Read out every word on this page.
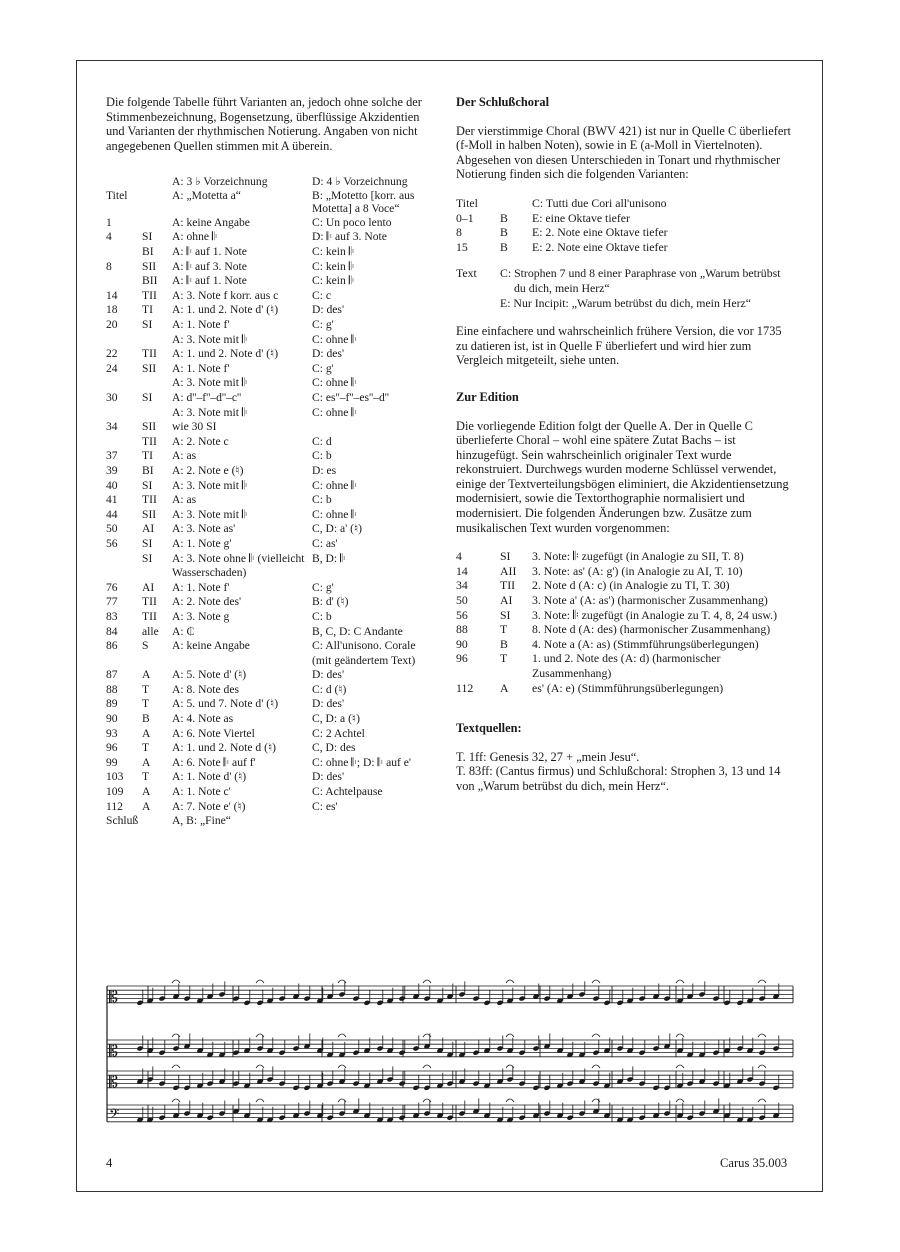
Die folgende Tabelle führt Varianten an, jedoch ohne solche der Stimmenbezeichnung, Bogensetzung, überflüssige Akzidentien und Varianten der rhythmischen Notierung. Angaben von nicht angegebenen Quellen stimmen mit A überein.

		A: 3 ♭ Vorzeichnung	D: 4 ♭ Vorzeichnung
Titel		A: „Motetta a“	B: „Motetto [korr. aus Motetta] a 8 Voce“
1		A: keine Angabe	C: Un poco lento
4	SI	A: ohne 𝄆	D: 𝄆 auf 3. Note
	BI	A: 𝄆 auf 1. Note	C: kein 𝄆
8	SII	A: 𝄆 auf 3. Note	C: kein 𝄆
	BII	A: 𝄆 auf 1. Note	C: kein 𝄆
14	TII	A: 3. Note f korr. aus c	C: c
18	TI	A: 1. und 2. Note d' (♮)	D: des'
20	SI	A: 1. Note f'	C: g'
		A: 3. Note mit 𝄆	C: ohne 𝄆
22	TII	A: 1. und 2. Note d' (♮)	D: des'
24	SII	A: 1. Note f'	C: g'
		A: 3. Note mit 𝄆	C: ohne 𝄆
30	SI	A: d''–f''–d''–c''	C: es''–f''–es''–d''
		A: 3. Note mit 𝄆	C: ohne 𝄆
34	SII	wie 30 SI	
	TII	A: 2. Note c	C: d
37	TI	A: as	C: b
39	BI	A: 2. Note e (♮)	D: es
40	SI	A: 3. Note mit 𝄆	C: ohne 𝄆
41	TII	A: as	C: b
44	SII	A: 3. Note mit 𝄆	C: ohne 𝄆
50	AI	A: 3. Note as'	C, D: a' (♮)
56	SI	A: 1. Note g'	C: as'
	SI	A: 3. Note ohne 𝄆 (vielleicht Wasserschaden)	B, D: 𝄆
76	AI	A: 1. Note f'	C: g'
77	TII	A: 2. Note des'	B: d' (♮)
83	TII	A: 3. Note g	C: b
84	alle	A: ₵	B, C, D: C Andante
86	S	A: keine Angabe	C: All'unisono. Corale (mit geändertem Text)
87	A	A: 5. Note d' (♮)	D: des'
88	T	A: 8. Note des	C: d (♮)
89	T	A: 5. und 7. Note d' (♮)	D: des'
90	B	A: 4. Note as	C, D: a (♮)
93	A	A: 6. Note Viertel	C: 2 Achtel
96	T	A: 1. und 2. Note d (♮)	C, D: des
99	A	A: 6. Note 𝄆 auf f'	C: ohne 𝄆; D: 𝄆 auf e'
103	T	A: 1. Note d' (♮)	D: des'
109	A	A: 1. Note c'	C: Achtelpause
112	A	A: 7. Note e' (♮)	C: es'
Schluß		A, B: „Fine“	

Der Schlußchoral

Der vierstimmige Choral (BWV 421) ist nur in Quelle C überliefert (f-Moll in halben Noten), sowie in E (a-Moll in Viertelnoten). Abgesehen von diesen Unterschieden in Tonart und rhythmischer Notierung finden sich die folgenden Varianten:

Titel		C: Tutti due Cori all'unisono
0–1	B	E: eine Oktave tiefer
8	B	E: 2. Note eine Oktave tiefer
15	B	E: 2. Note eine Oktave tiefer
Text	C: Strophen 7 und 8 einer Paraphrase von „Warum betrübst du dich, mein Herz“
E: Nur Incipit: „Warum betrübst du dich, mein Herz“

Eine einfachere und wahrscheinlich frühere Version, die vor 1735 zu datieren ist, ist in Quelle F überliefert und wird hier zum Vergleich mitgeteilt, siehe unten.

Zur Edition

Die vorliegende Edition folgt der Quelle A. Der in Quelle C überlieferte Choral – wohl eine spätere Zutat Bachs – ist hinzugefügt. Sein wahrscheinlich originaler Text wurde rekonstruiert. Durchwegs wurden moderne Schlüssel verwendet, einige der Textverteilungsbögen eliminiert, die Akzidentiensetzung modernisiert, sowie die Textorthographie normalisiert und modernisiert. Die folgenden Änderungen bzw. Zusätze zum musikalischen Text wurden vorgenommen:

4	SI	3. Note: 𝄆 zugefügt (in Analogie zu SII, T. 8)
14	AII	3. Note: as' (A: g') (in Analogie zu AI, T. 10)
34	TII	2. Note d (A: c) (in Analogie zu TI, T. 30)
50	AI	3. Note a' (A: as') (harmonischer Zusammenhang)
56	SI	3. Note: 𝄆 zugefügt (in Analogie zu T. 4, 8, 24 usw.)
88	T	8. Note d (A: des) (harmonischer Zusammenhang)
90	B	4. Note a (A: as) (Stimmführungsüberlegungen)
96	T	1. und 2. Note des (A: d) (harmonischer Zusammenhang)
112	A	es' (A: e) (Stimmführungsüberlegungen)

Textquellen:

T. 1ff: Genesis 32, 27 + „mein Jesu“.

T. 83ff: (Cantus firmus) und Schlußchoral: Strophen 3, 13 und 14 von „Warum betrübst du dich, mein Herz“.

𝄡
𝄡
𝄡
𝄢
4	Carus 35.003
